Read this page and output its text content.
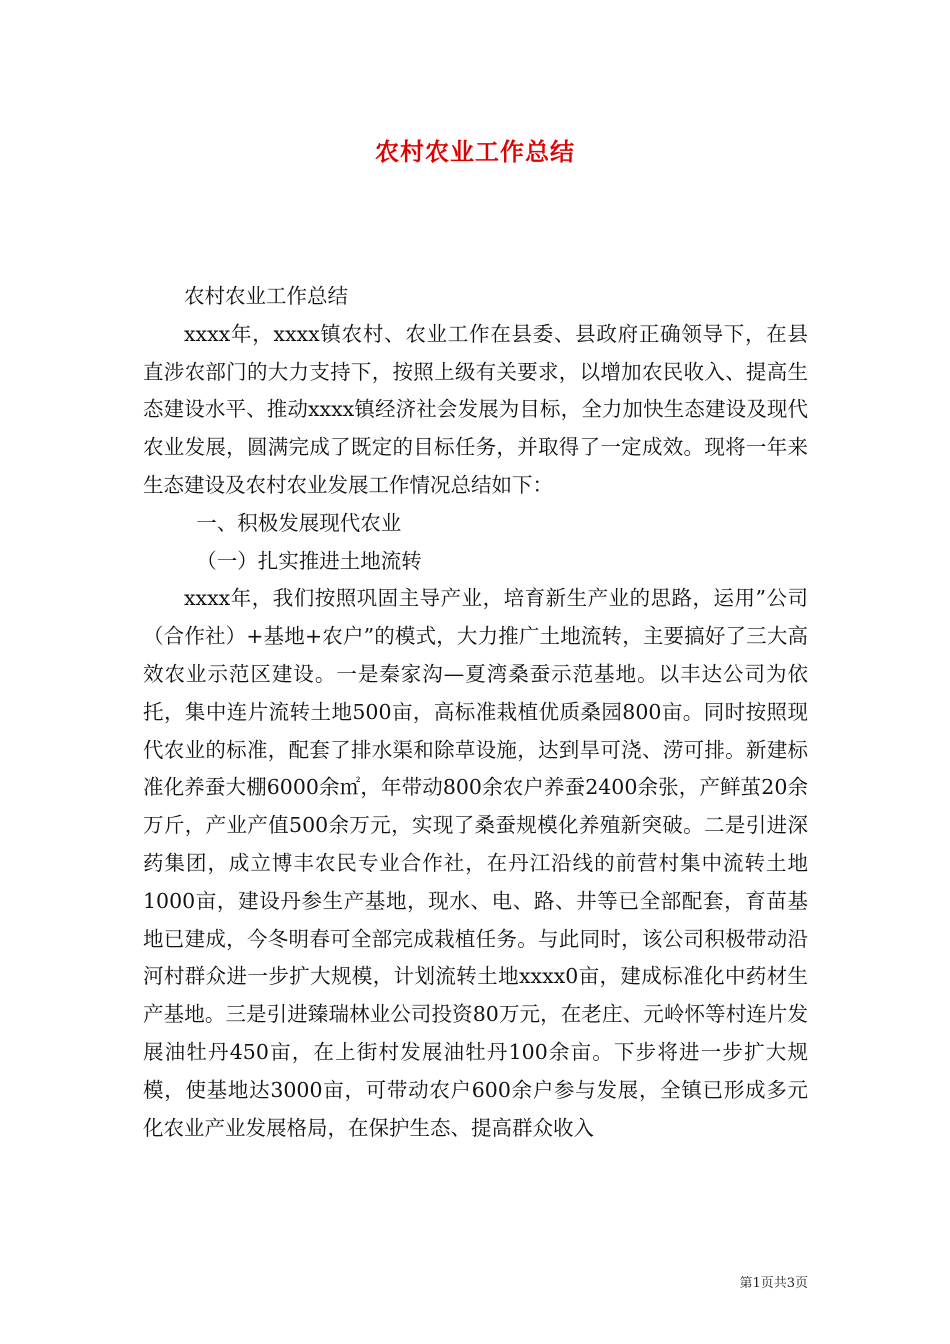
农村农业工作总结

农村农业工作总结

xxxx年，xxxx镇农村、农业工作在县委、县政府正确领导下，在县直涉农部门的大力支持下，按照上级有关要求，以增加农民收入、提高生态建设水平、推动xxxx镇经济社会发展为目标，全力加快生态建设及现代农业发展，圆满完成了既定的目标任务，并取得了一定成效。现将一年来生态建设及农村农业发展工作情况总结如下：

一、积极发展现代农业

（一）扎实推进土地流转

xxxx年，我们按照巩固主导产业，培育新生产业的思路，运用”公司（合作社）+基地+农户”的模式，大力推广土地流转，主要搞好了三大高效农业示范区建设。一是秦家沟—夏湾桑蚕示范基地。以丰达公司为依托，集中连片流转土地500亩，高标准栽植优质桑园800亩。同时按照现代农业的标准，配套了排水渠和除草设施，达到旱可浇、涝可排。新建标准化养蚕大棚6000余㎡，年带动800余农户养蚕2400余张，产鲜茧20余万斤，产业产值500余万元，实现了桑蚕规模化养殖新突破。二是引进深药集团，成立博丰农民专业合作社，在丹江沿线的前营村集中流转土地1000亩，建设丹参生产基地，现水、电、路、井等已全部配套，育苗基地已建成，今冬明春可全部完成栽植任务。与此同时，该公司积极带动沿河村群众进一步扩大规模，计划流转土地xxxx0亩，建成标准化中药材生产基地。三是引进臻瑞林业公司投资80万元，在老庄、元岭怀等村连片发展油牡丹450亩，在上街村发展油牡丹100余亩。下步将进一步扩大规模，使基地达3000亩，可带动农户600余户参与发展，全镇已形成多元化农业产业发展格局，在保护生态、提高群众收入

第1页共3页
